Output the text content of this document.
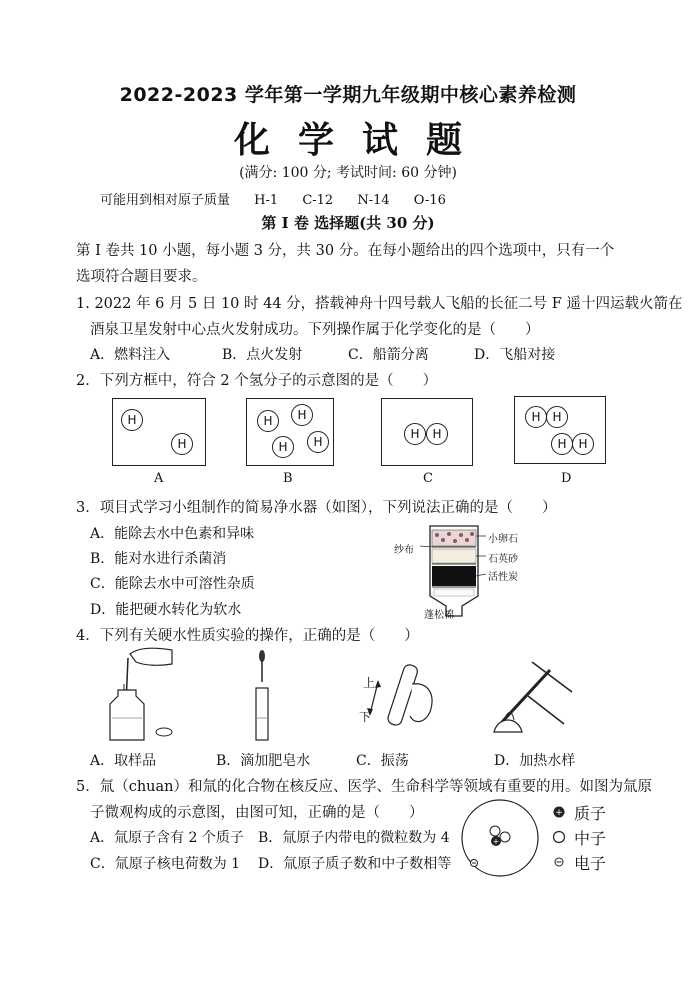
2022-2023 学年第一学期九年级期中核心素养检测
化学试题
(满分: 100 分; 考试时间: 60 分钟)
可能用到相对原子质量 H-1 C-12 N-14 O-16
第 I 卷 选择题(共 30 分)
第 I 卷共 10 小题，每小题 3 分，共 30 分。在每小题给出的四个选项中，只有一个选项符合题目要求。
1. 2022 年 6 月 5 日 10 时 44 分，搭载神舟十四号载人飞船的长征二号 F 遥十四运载火箭在
酒泉卫星发射中心点火发射成功。下列操作属于化学变化的是（　　）
A．燃料注入	B．点火发射	C．船箭分离	D．飞船对接
2．下列方框中，符合 2 个氢分子的示意图的是（　　）
H
H
A
H	H
H	H
B
H	H
C
H H
H H
D
3．项目式学习小组制作的简易净水器（如图），下列说法正确的是（　　）
A．能除去水中色素和异味
B．能对水进行杀菌消
C．能除去水中可溶性杂质
D．能把硬水转化为软水
纱布
小卵石
石英砂
活性炭
蓬松棉
4．下列有关硬水性质实验的操作，正确的是（　　）
上
下
A．取样品	B．滴加肥皂水	C．振荡	D．加热水样
5．氚（chuan）和氚的化合物在核反应、医学、生命科学等领域有重要的用。如图为氚原
子微观构成的示意图，由图可知，正确的是（　　）
A．氚原子含有 2 个质子 B．氚原子内带电的微粒数为 4
C．氚原子核电荷数为 1 D．氚原子质子数和中子数相等
+
+ 质子
中子
电子
